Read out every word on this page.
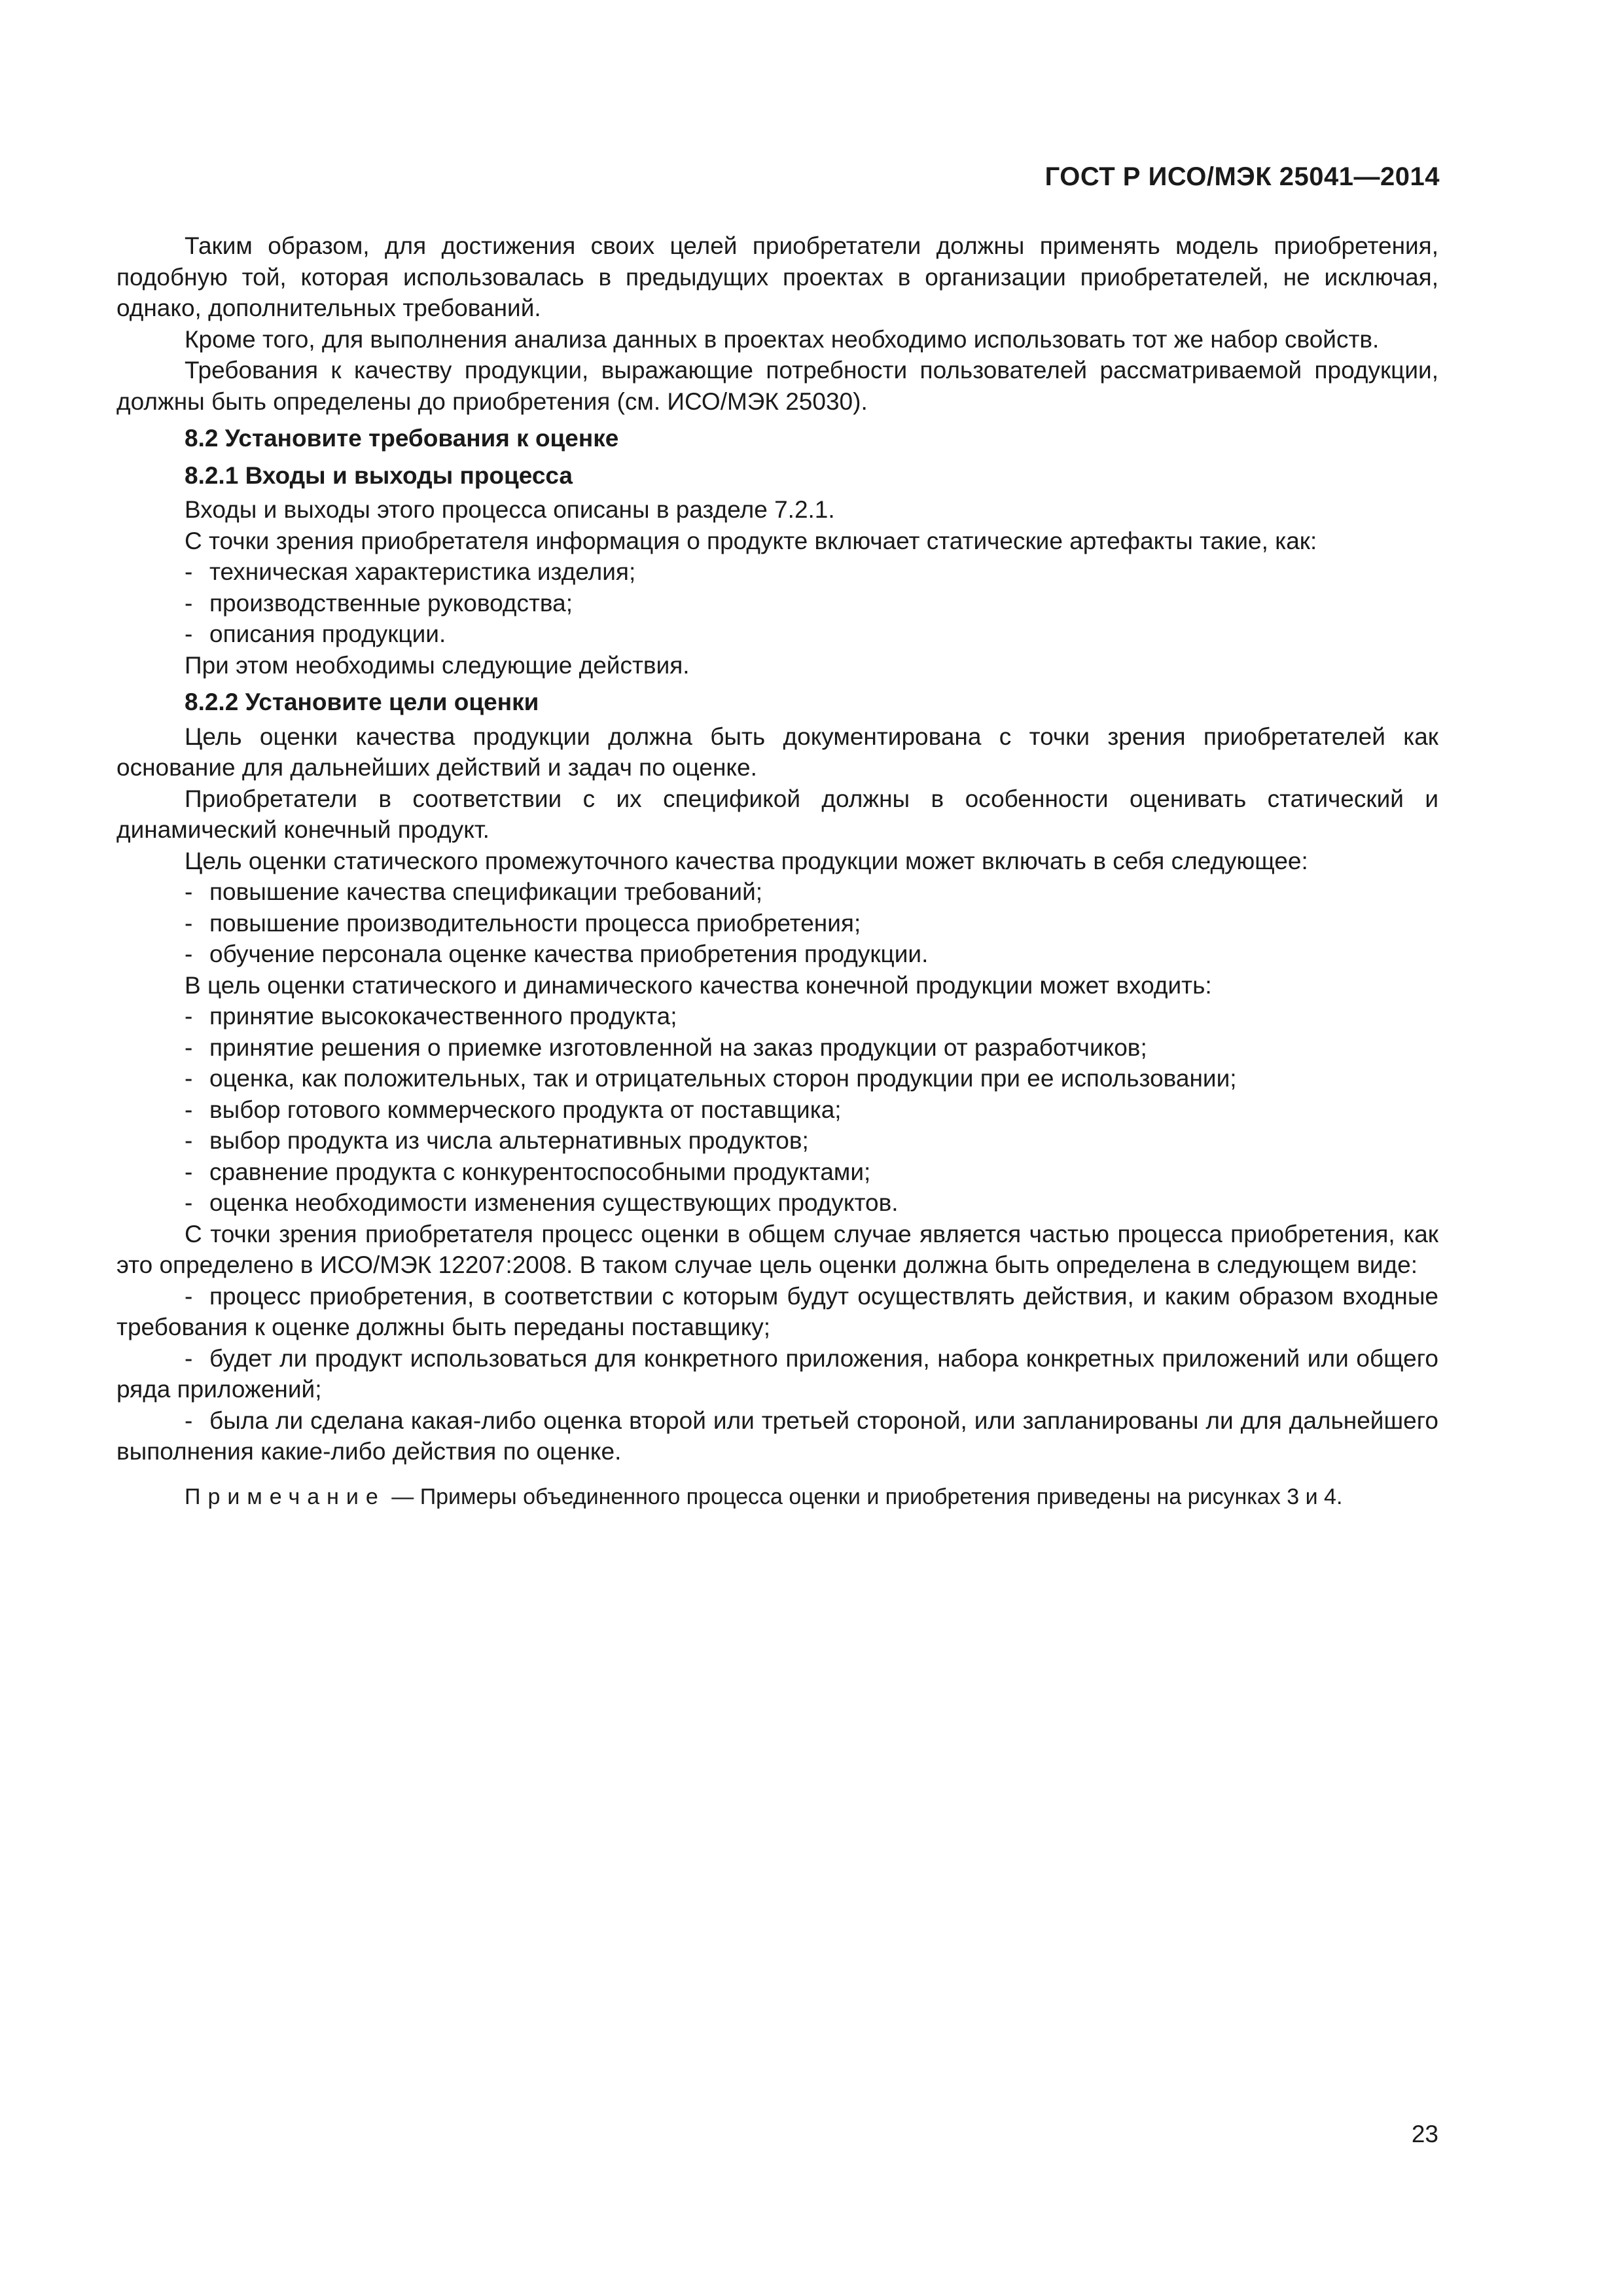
ГОСТ Р ИСО/МЭК 25041—2014

Таким образом, для достижения своих целей приобретатели должны применять модель приобретения, подобную той, которая использовалась в предыдущих проектах в организации приобретателей, не исключая, однако, дополнительных требований.

Кроме того, для выполнения анализа данных в проектах необходимо использовать тот же набор свойств.

Требования к качеству продукции, выражающие потребности пользователей рассматриваемой продукции, должны быть определены до приобретения (см. ИСО/МЭК 25030).

8.2 Установите требования к оценке
8.2.1 Входы и выходы процесса

Входы и выходы этого процесса описаны в разделе 7.2.1.

С точки зрения приобретателя информация о продукте включает статические артефакты такие, как:

- техническая характеристика изделия;
- производственные руководства;
- описания продукции.

При этом необходимы следующие действия.

8.2.2 Установите цели оценки

Цель оценки качества продукции должна быть документирована с точки зрения приобретателей как основание для дальнейших действий и задач по оценке.

Приобретатели в соответствии с их спецификой должны в особенности оценивать статический и динамический конечный продукт.

Цель оценки статического промежуточного качества продукции может включать в себя следующее:

- повышение качества спецификации требований;
- повышение производительности процесса приобретения;
- обучение персонала оценке качества приобретения продукции.

В цель оценки статического и динамического качества конечной продукции может входить:

- принятие высококачественного продукта;
- принятие решения о приемке изготовленной на заказ продукции от разработчиков;
- оценка, как положительных, так и отрицательных сторон продукции при ее использовании;
- выбор готового коммерческого продукта от поставщика;
- выбор продукта из числа альтернативных продуктов;
- сравнение продукта с конкурентоспособными продуктами;
- оценка необходимости изменения существующих продуктов.

С точки зрения приобретателя процесс оценки в общем случае является частью процесса приобретения, как это определено в ИСО/МЭК 12207:2008. В таком случае цель оценки должна быть определена в следующем виде:

- процесс приобретения, в соответствии с которым будут осуществлять действия, и каким образом входные требования к оценке должны быть переданы поставщику;

- будет ли продукт использоваться для конкретного приложения, набора конкретных приложений или общего ряда приложений;

- была ли сделана какая-либо оценка второй или третьей стороной, или запланированы ли для дальнейшего выполнения какие-либо действия по оценке.

Примечание — Примеры объединенного процесса оценки и приобретения приведены на рисунках 3 и 4.

23
